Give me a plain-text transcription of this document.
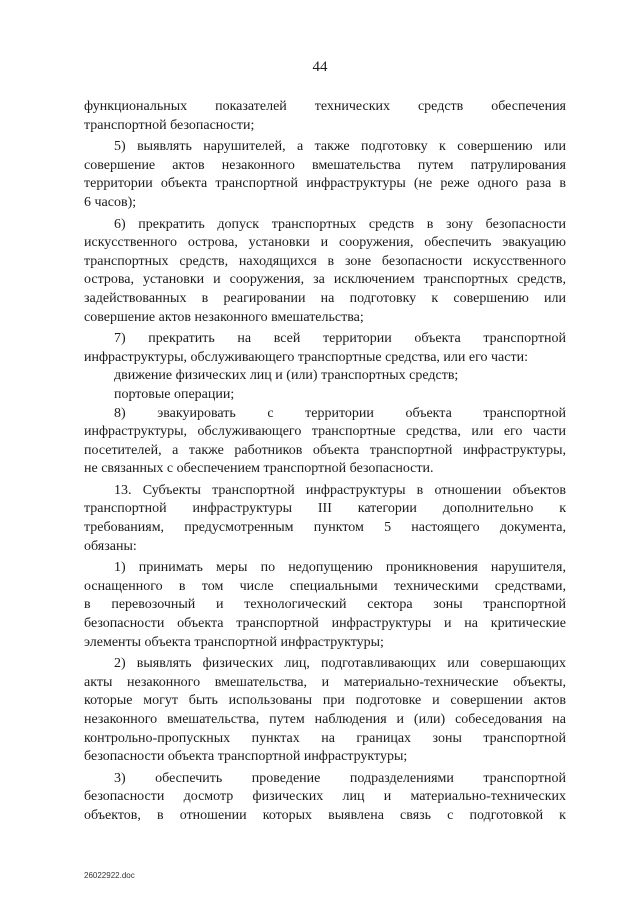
44
функциональных показателей технических средств обеспечения
транспортной безопасности;
5) выявлять нарушителей, а также подготовку к совершению или
совершение актов незаконного вмешательства путем патрулирования
территории объекта транспортной инфраструктуры (не реже одного раза в
6 часов);
6) прекратить допуск транспортных средств в зону безопасности
искусственного острова, установки и сооружения, обеспечить эвакуацию
транспортных средств, находящихся в зоне безопасности искусственного
острова, установки и сооружения, за исключением транспортных средств,
задействованных в реагировании на подготовку к совершению или
совершение актов незаконного вмешательства;
7) прекратить на всей территории объекта транспортной
инфраструктуры, обслуживающего транспортные средства, или его части:
движение физических лиц и (или) транспортных средств;
портовые операции;
8) эвакуировать с территории объекта транспортной
инфраструктуры, обслуживающего транспортные средства, или его части
посетителей, а также работников объекта транспортной инфраструктуры,
не связанных с обеспечением транспортной безопасности.
13. Субъекты транспортной инфраструктуры в отношении объектов
транспортной инфраструктуры III категории дополнительно к
требованиям, предусмотренным пунктом 5 настоящего документа,
обязаны:
1) принимать меры по недопущению проникновения нарушителя,
оснащенного в том числе специальными техническими средствами,
в перевозочный и технологический сектора зоны транспортной
безопасности объекта транспортной инфраструктуры и на критические
элементы объекта транспортной инфраструктуры;
2) выявлять физических лиц, подготавливающих или совершающих
акты незаконного вмешательства, и материально-технические объекты,
которые могут быть использованы при подготовке и совершении актов
незаконного вмешательства, путем наблюдения и (или) собеседования на
контрольно-пропускных пунктах на границах зоны транспортной
безопасности объекта транспортной инфраструктуры;
3) обеспечить проведение подразделениями транспортной
безопасности досмотр физических лиц и материально-технических
объектов, в отношении которых выявлена связь с подготовкой к
26022922.doc
